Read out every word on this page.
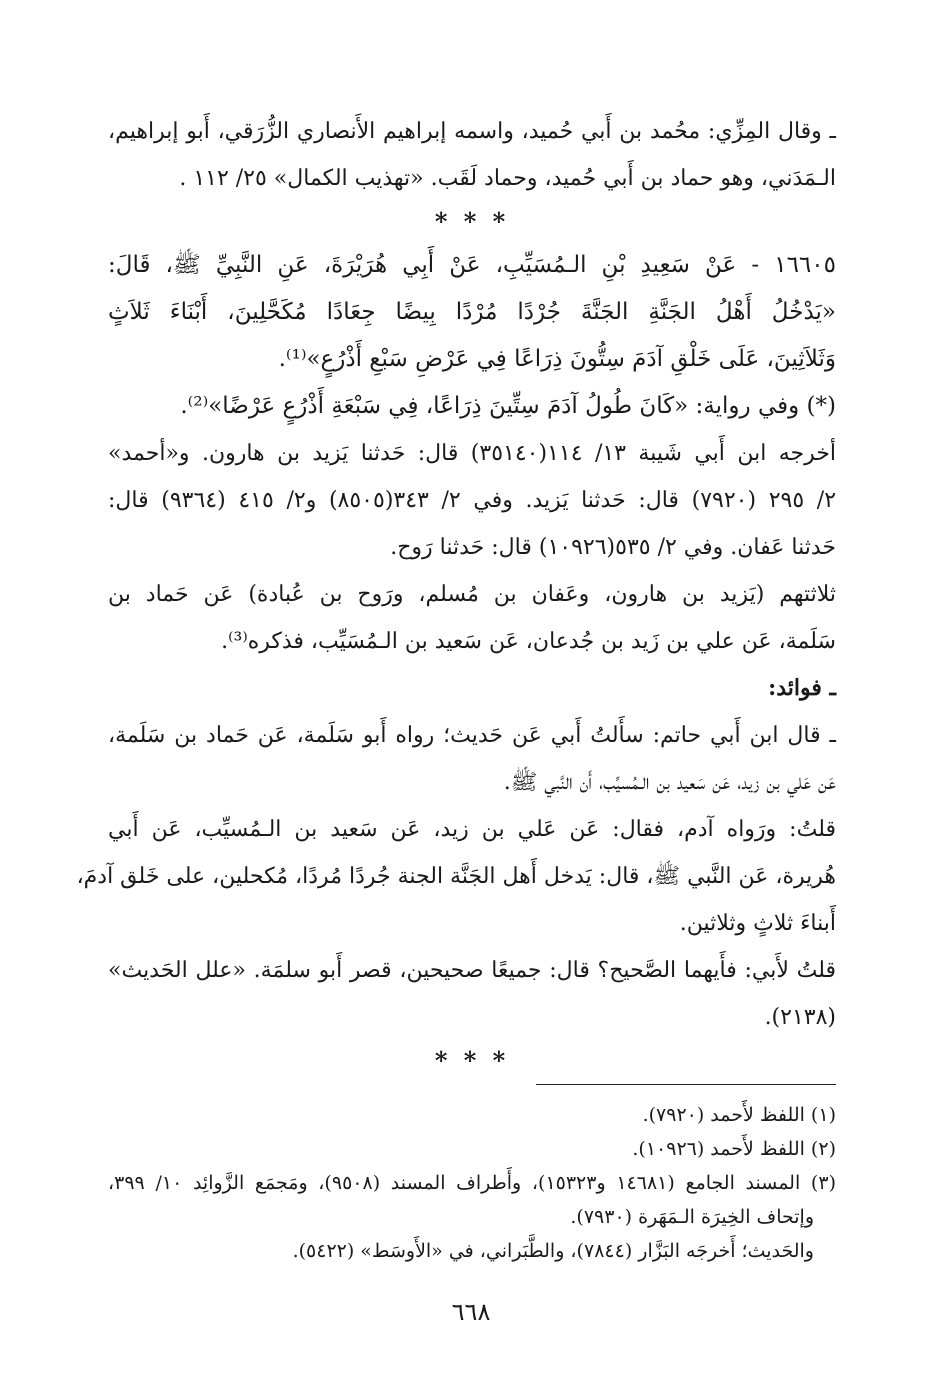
ـ وقال المِزِّي: محُمد بن أَبي حُميد، واسمه إبراهيم الأَنصاري الزُّرَقي، أَبو إبراهيم،
الـمَدَني، وهو حماد بن أَبي حُميد، وحماد لَقَب. «تهذيب الكمال» ٢٥/ ١١٢ .
* * *
١٦٦٠٥ - عَنْ سَعِيدِ بْنِ الـمُسَيِّبِ، عَنْ أَبِي هُرَيْرَةَ، عَنِ النَّبِيِّ ﷺ، قَالَ:
«يَدْخُلُ أَهْلُ الجَنَّةِ الجَنَّةَ جُرْدًا مُرْدًا بِيضًا جِعَادًا مُكَحَّلِينَ، أَبْنَاءَ ثَلاَثٍ
وَثَلاَثِينَ، عَلَى خَلْقِ آدَمَ سِتُّونَ ذِرَاعًا فِي عَرْضِ سَبْعِ أَذْرُعٍ»⁽¹⁾.
(*) وفي رواية: «كَانَ طُولُ آدَمَ سِتِّينَ ذِرَاعًا، فِي سَبْعَةِ أَذْرُعٍ عَرْضًا»⁽²⁾.
أخرجه ابن أَبي شَيبة ١٣/ ١١٤(٣٥١٤٠) قال: حَدثنا يَزيد بن هارون. و«أحمد»
٢/ ٢٩٥ (٧٩٢٠) قال: حَدثنا يَزيد. وفي ٢/ ٣٤٣(٨٥٠٥) و٢/ ٤١٥ (٩٣٦٤) قال:
حَدثنا عَفان. وفي ٢/ ٥٣٥(١٠٩٢٦) قال: حَدثنا رَوح.
ثلاثتهم (يَزيد بن هارون، وعَفان بن مُسلم، ورَوح بن عُبادة) عَن حَماد بن
سَلَمة، عَن علي بن زَيد بن جُدعان، عَن سَعيد بن الـمُسَيِّب، فذكره⁽³⁾.
ـ فوائد:
ـ قال ابن أَبي حاتم: سأَلتُ أَبي عَن حَديث؛ رواه أَبو سَلَمة، عَن حَماد بن سَلَمة،
عَن عَلي بن زيد، عَن سَعيد بن الـمُسيِّب، أَن النَّبي ﷺ.
قلتُ: ورَواه آدم، فقال: عَن عَلي بن زيد، عَن سَعيد بن الـمُسيِّب، عَن أَبي
هُريرة، عَن النَّبي ﷺ، قال: يَدخل أَهل الجَنَّة الجنة جُردًا مُردًا، مُكحلين، على خَلق آدمَ،
أَبناءَ ثلاثٍ وثلاثين.
قلتُ لأَبي: فأَيهما الصَّحيح؟ قال: جميعًا صحيحين، قصر أَبو سلمَة. «علل الحَديث»
(٢١٣٨).
* * *
(١) اللفظ لأَحمد (٧٩٢٠).
(٢) اللفظ لأَحمد (١٠٩٢٦).
(٣) المسند الجامع (١٤٦٨١ و١٥٣٢٣)، وأَطراف المسند (٩٥٠٨)، ومَجمَع الزَّوائِد ١٠/ ٣٩٩،
وإتحاف الخِيرَة الـمَهَرة (٧٩٣٠).
والحَديث؛ أَخرجَه البَزَّار (٧٨٤٤)، والطَّبَراني، في «الأَوسَط» (٥٤٢٢).
٦٦٨
